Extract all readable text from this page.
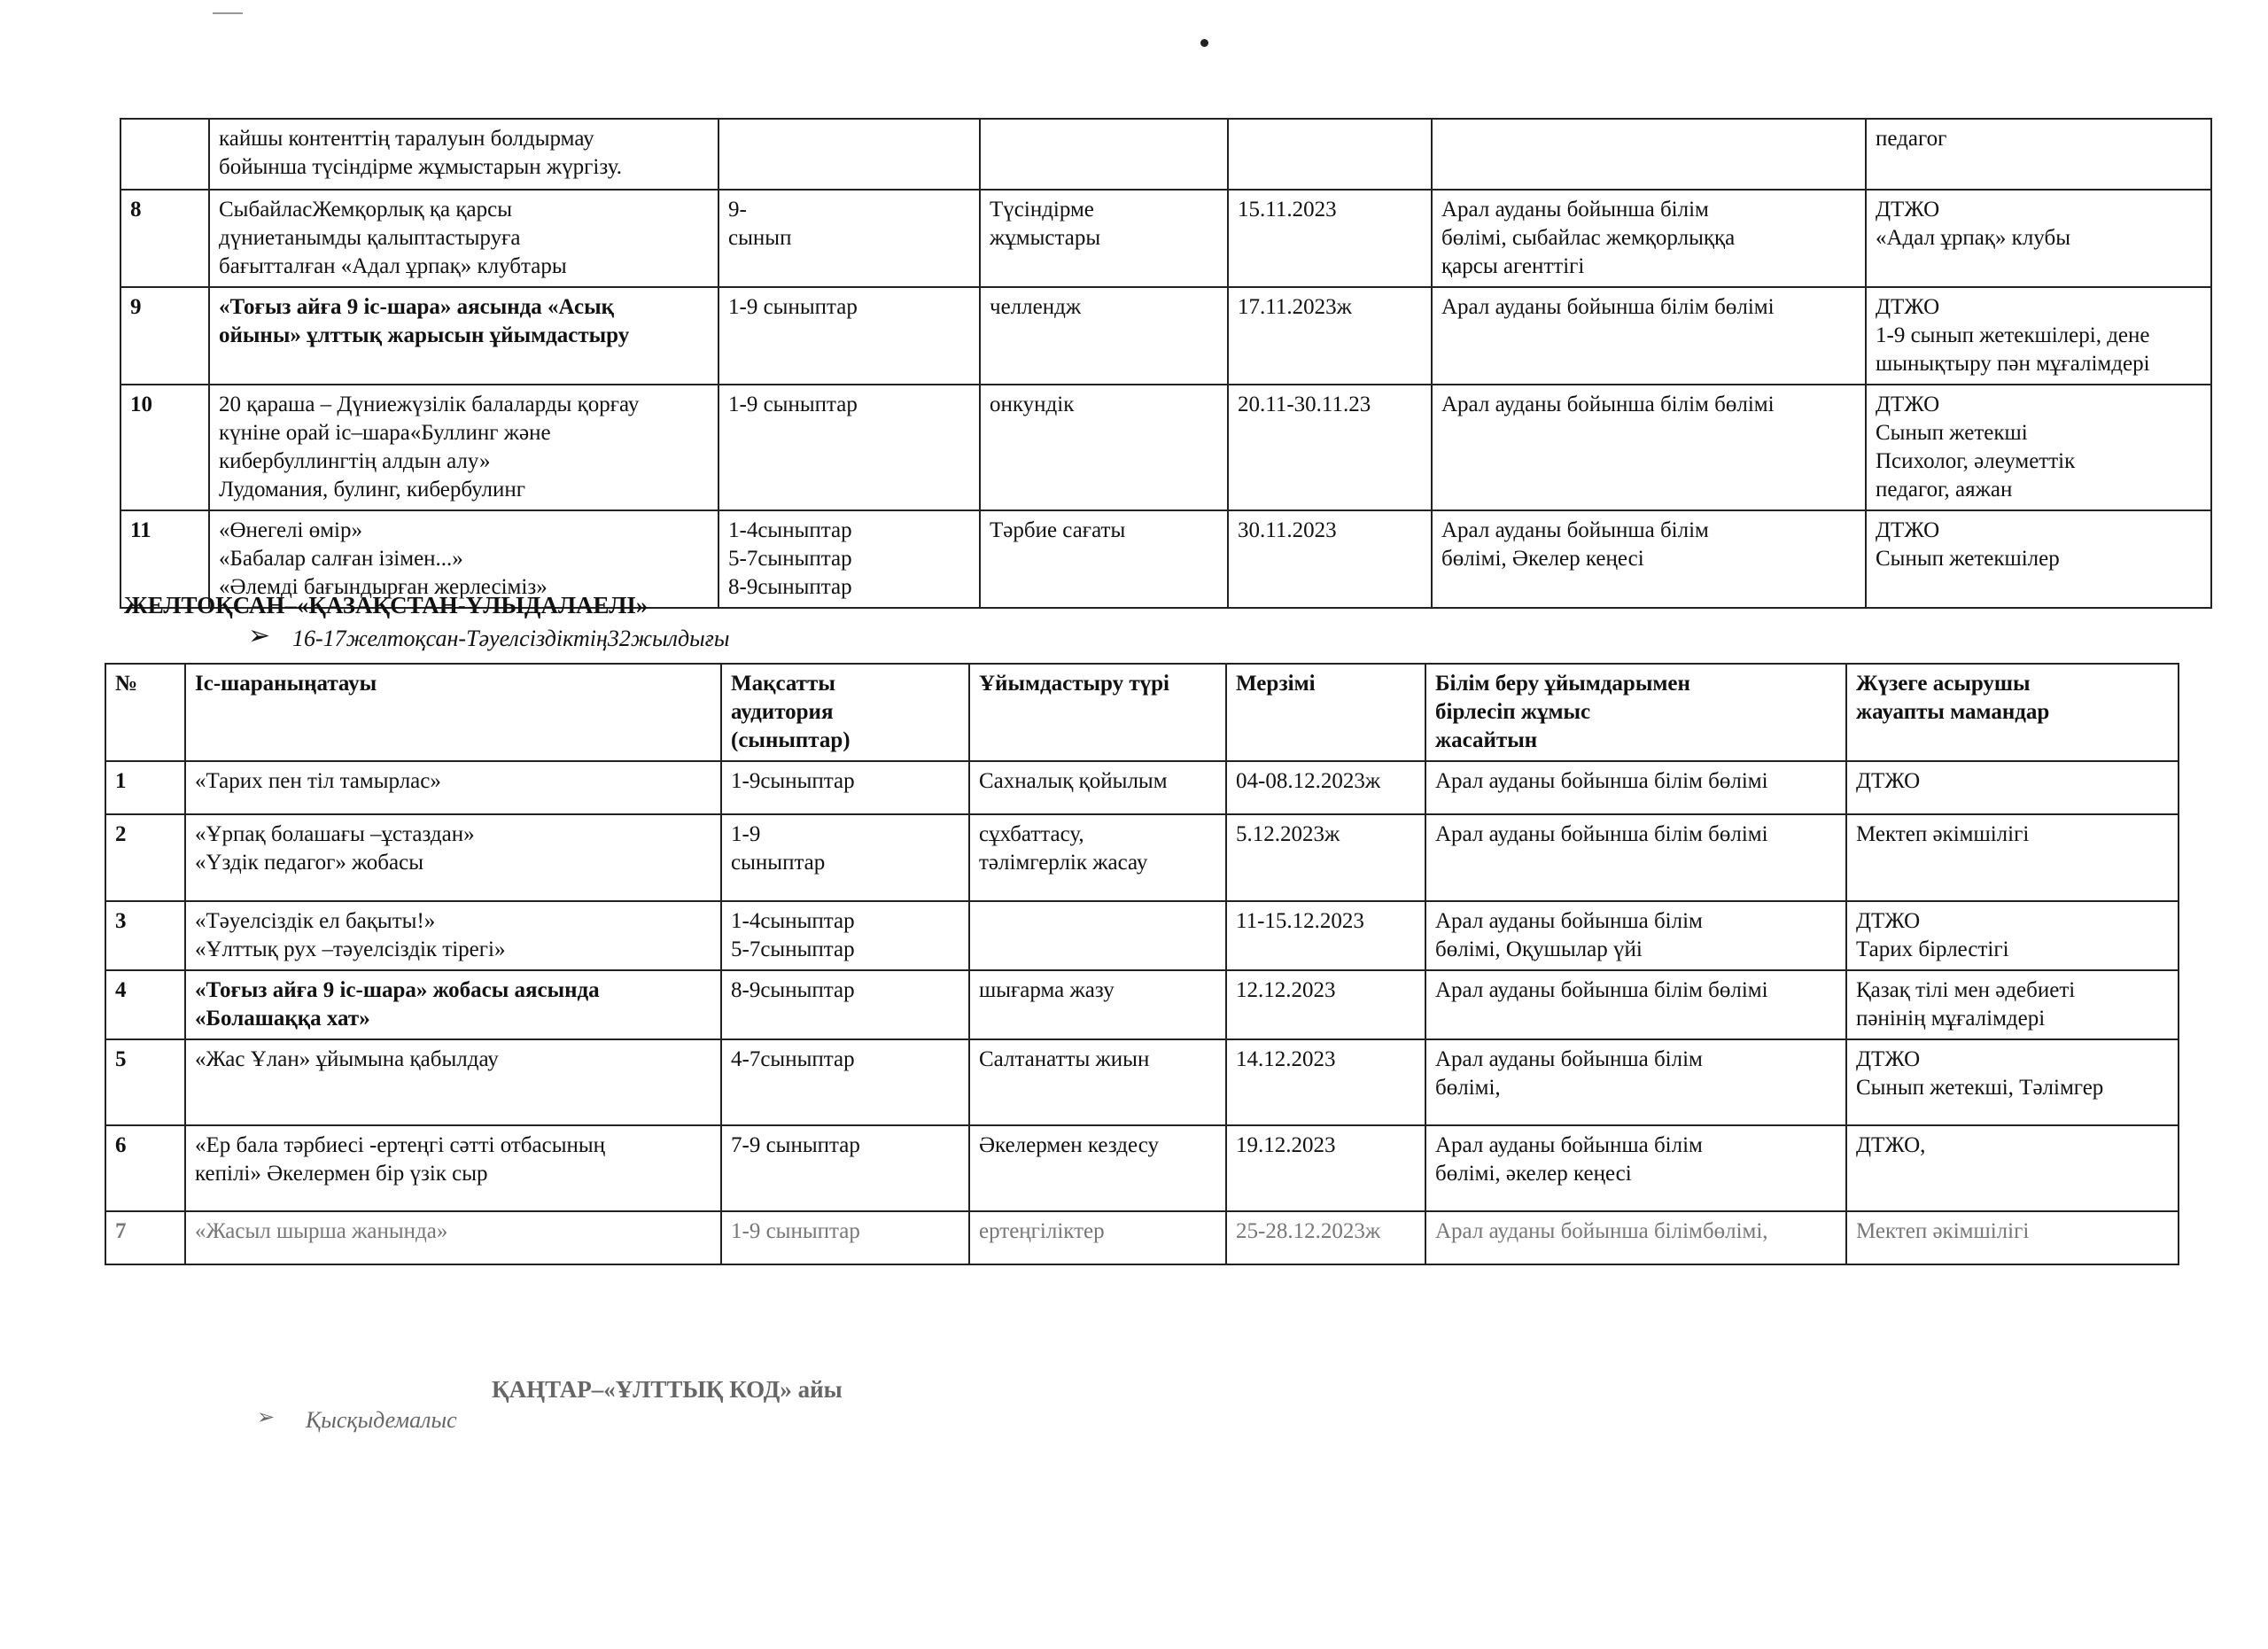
	кайшы контенттің таралуын болдырмау
бойынша түсіндірме жұмыстарын жүргізу.					педагог
8	СыбайласЖемқорлық қа қарсы
дүниетанымды қалыптастыруға
бағытталған «Адал ұрпақ» клубтары	9-
сынып	Түсіндірме
жұмыстары	15.11.2023	Арал ауданы бойынша білім
бөлімі, сыбайлас жемқорлыққа
қарсы агенттігі	ДТЖО
«Адал ұрпақ» клубы
9	«Тоғыз айға 9 іс-шара» аясында «Асық
ойыны» ұлттық жарысын ұйымдастыру	1-9 сыныптар	челлендж	17.11.2023ж	Арал ауданы бойынша білім бөлімі	ДТЖО
1-9 сынып жетекшілері, дене
шынықтыру пән мұғалімдері
10	20 қараша – Дүниежүзілік балаларды қорғау
күніне орай іс–шара«Буллинг және
кибербуллингтің алдын алу»
Лудомания, булинг, кибербулинг	1-9 сыныптар	онкундік	20.11-30.11.23	Арал ауданы бойынша білім бөлімі	ДТЖО
Сынып жетекші
Психолог, әлеуметтік
педагог, аяжан
11	«Өнегелі өмір»
«Бабалар салған ізімен...»
«Әлемді бағындырған жерлесіміз»	1-4сыныптар
5-7сыныптар
8-9сыныптар	Тәрбие сағаты	30.11.2023	Арал ауданы бойынша білім
бөлімі, Әкелер кеңесі	ДТЖО
Сынып жетекшілер
ЖЕЛТОҚСАН–«ҚАЗАҚСТАН-ҰЛЫДАЛАЕЛІ»
➢ 16-17желтоқсан-Тәуелсіздіктің32жылдығы
№	Іс-шараныңатауы	Мақсатты
аудитория
(сыныптар)	Ұйымдастыру түрі	Мерзімі	Білім беру ұйымдарымен
бірлесіп жұмыс
жасайтын	Жүзеге асырушы
жауапты мамандар
1	«Тарих пен тіл тамырлас»	1-9сыныптар	Сахналық қойылым	04-08.12.2023ж	Арал ауданы бойынша білім бөлімі	ДТЖО
2	«Ұрпақ болашағы –ұстаздан»
«Үздік педагог» жобасы	1-9
сыныптар	сұхбаттасу,
тәлімгерлік жасау	5.12.2023ж	Арал ауданы бойынша білім бөлімі	Мектеп әкімшілігі
3	«Тәуелсіздік ел бақыты!»
«Ұлттық рух –тәуелсіздік тірегі»	1-4сыныптар
5-7сыныптар		11-15.12.2023	Арал ауданы бойынша білім
бөлімі, Оқушылар үйі	ДТЖО
Тарих бірлестігі
4	«Тоғыз айға 9 іс-шара» жобасы аясында
«Болашаққа хат»	8-9сыныптар	шығарма жазу	12.12.2023	Арал ауданы бойынша білім бөлімі	Қазақ тілі мен әдебиеті
пәнінің мұғалімдері
5	«Жас Ұлан» ұйымына қабылдау	4-7сыныптар	Салтанатты жиын	14.12.2023	Арал ауданы бойынша білім
бөлімі,	ДТЖО
Сынып жетекші, Тәлімгер
6	«Ер бала тәрбиесі -ертеңгі сәтті отбасының
кепілі» Әкелермен бір үзік сыр	7-9 сыныптар	Әкелермен кездесу	19.12.2023	Арал ауданы бойынша білім
бөлімі, әкелер кеңесі	ДТЖО,
7	«Жасыл шырша жанында»	1-9 сыныптар	ертеңгіліктер	25-28.12.2023ж	Арал ауданы бойынша білімбөлімі,	Мектеп әкімшілігі
ҚАҢТАР–«ҰЛТТЫҚ КОД» айы
➢ Қысқыдемалыс
